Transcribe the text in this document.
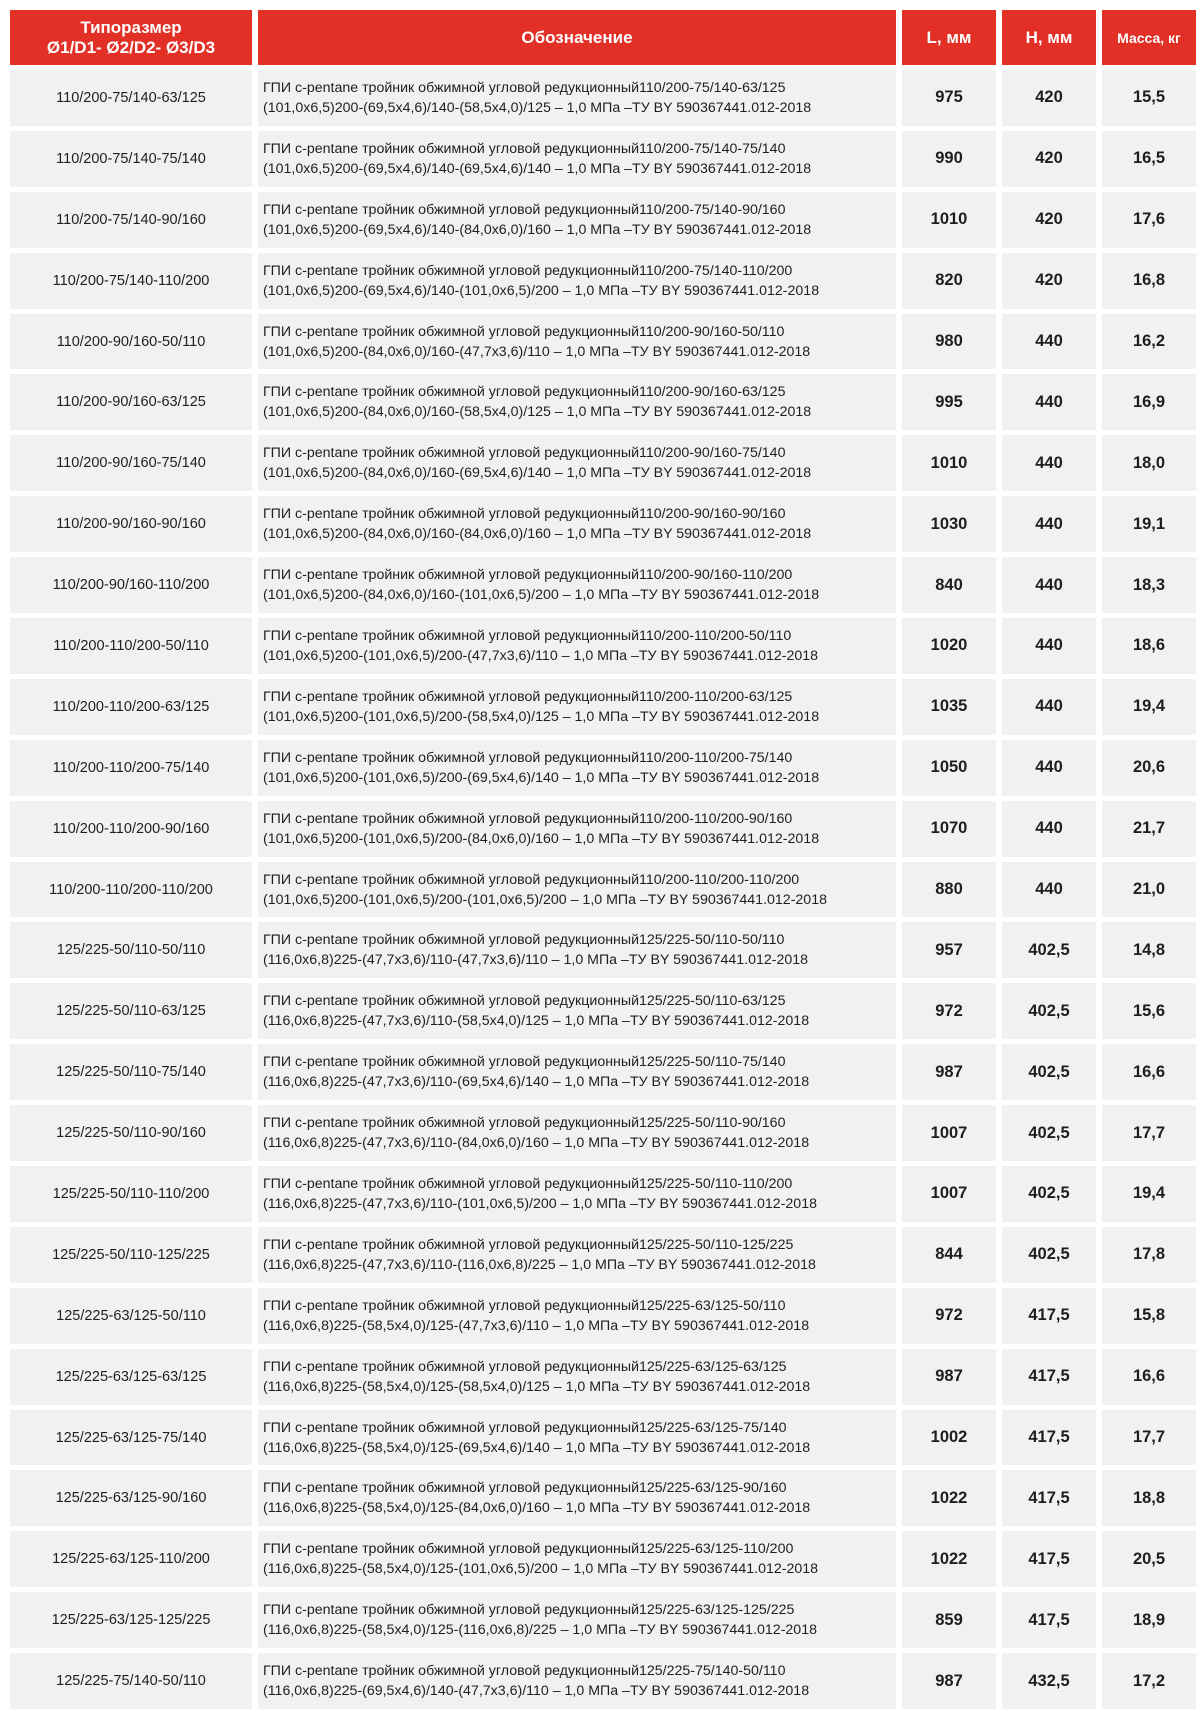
Типоразмер
Ø1/D1- Ø2/D2- Ø3/D3
Обозначение	L, мм	H, мм	Масса, кг
110/200-75/140-63/125
ГПИ c-pentane тройник обжимной угловой редукционный110/200-75/140-63/125
(101,0х6,5)200-(69,5х4,6)/140-(58,5х4,0)/125 – 1,0 МПа –ТУ BY 590367441.012-2018
975	420	15,5
110/200-75/140-75/140
ГПИ c-pentane тройник обжимной угловой редукционный110/200-75/140-75/140
(101,0х6,5)200-(69,5х4,6)/140-(69,5х4,6)/140 – 1,0 МПа –ТУ BY 590367441.012-2018
990	420	16,5
110/200-75/140-90/160
ГПИ c-pentane тройник обжимной угловой редукционный110/200-75/140-90/160
(101,0х6,5)200-(69,5х4,6)/140-(84,0х6,0)/160 – 1,0 МПа –ТУ BY 590367441.012-2018
1010	420	17,6
110/200-75/140-110/200
ГПИ c-pentane тройник обжимной угловой редукционный110/200-75/140-110/200
(101,0х6,5)200-(69,5х4,6)/140-(101,0х6,5)/200 – 1,0 МПа –ТУ BY 590367441.012-2018
820	420	16,8
110/200-90/160-50/110
ГПИ c-pentane тройник обжимной угловой редукционный110/200-90/160-50/110
(101,0х6,5)200-(84,0х6,0)/160-(47,7х3,6)/110 – 1,0 МПа –ТУ BY 590367441.012-2018
980	440	16,2
110/200-90/160-63/125
ГПИ c-pentane тройник обжимной угловой редукционный110/200-90/160-63/125
(101,0х6,5)200-(84,0х6,0)/160-(58,5х4,0)/125 – 1,0 МПа –ТУ BY 590367441.012-2018
995	440	16,9
110/200-90/160-75/140
ГПИ c-pentane тройник обжимной угловой редукционный110/200-90/160-75/140
(101,0х6,5)200-(84,0х6,0)/160-(69,5х4,6)/140 – 1,0 МПа –ТУ BY 590367441.012-2018
1010	440	18,0
110/200-90/160-90/160
ГПИ c-pentane тройник обжимной угловой редукционный110/200-90/160-90/160
(101,0х6,5)200-(84,0х6,0)/160-(84,0х6,0)/160 – 1,0 МПа –ТУ BY 590367441.012-2018
1030	440	19,1
110/200-90/160-110/200
ГПИ c-pentane тройник обжимной угловой редукционный110/200-90/160-110/200
(101,0х6,5)200-(84,0х6,0)/160-(101,0х6,5)/200 – 1,0 МПа –ТУ BY 590367441.012-2018
840	440	18,3
110/200-110/200-50/110
ГПИ c-pentane тройник обжимной угловой редукционный110/200-110/200-50/110
(101,0х6,5)200-(101,0х6,5)/200-(47,7х3,6)/110 – 1,0 МПа –ТУ BY 590367441.012-2018
1020	440	18,6
110/200-110/200-63/125
ГПИ c-pentane тройник обжимной угловой редукционный110/200-110/200-63/125
(101,0х6,5)200-(101,0х6,5)/200-(58,5х4,0)/125 – 1,0 МПа –ТУ BY 590367441.012-2018
1035	440	19,4
110/200-110/200-75/140
ГПИ c-pentane тройник обжимной угловой редукционный110/200-110/200-75/140
(101,0х6,5)200-(101,0х6,5)/200-(69,5х4,6)/140 – 1,0 МПа –ТУ BY 590367441.012-2018
1050	440	20,6
110/200-110/200-90/160
ГПИ c-pentane тройник обжимной угловой редукционный110/200-110/200-90/160
(101,0х6,5)200-(101,0х6,5)/200-(84,0х6,0)/160 – 1,0 МПа –ТУ BY 590367441.012-2018
1070	440	21,7
110/200-110/200-110/200
ГПИ c-pentane тройник обжимной угловой редукционный110/200-110/200-110/200
(101,0х6,5)200-(101,0х6,5)/200-(101,0х6,5)/200 – 1,0 МПа –ТУ BY 590367441.012-2018
880	440	21,0
125/225-50/110-50/110
ГПИ c-pentane тройник обжимной угловой редукционный125/225-50/110-50/110
(116,0х6,8)225-(47,7х3,6)/110-(47,7х3,6)/110 – 1,0 МПа –ТУ BY 590367441.012-2018
957	402,5	14,8
125/225-50/110-63/125
ГПИ c-pentane тройник обжимной угловой редукционный125/225-50/110-63/125
(116,0х6,8)225-(47,7х3,6)/110-(58,5х4,0)/125 – 1,0 МПа –ТУ BY 590367441.012-2018
972	402,5	15,6
125/225-50/110-75/140
ГПИ c-pentane тройник обжимной угловой редукционный125/225-50/110-75/140
(116,0х6,8)225-(47,7х3,6)/110-(69,5х4,6)/140 – 1,0 МПа –ТУ BY 590367441.012-2018
987	402,5	16,6
125/225-50/110-90/160
ГПИ c-pentane тройник обжимной угловой редукционный125/225-50/110-90/160
(116,0х6,8)225-(47,7х3,6)/110-(84,0х6,0)/160 – 1,0 МПа –ТУ BY 590367441.012-2018
1007	402,5	17,7
125/225-50/110-110/200
ГПИ c-pentane тройник обжимной угловой редукционный125/225-50/110-110/200
(116,0х6,8)225-(47,7х3,6)/110-(101,0х6,5)/200 – 1,0 МПа –ТУ BY 590367441.012-2018
1007	402,5	19,4
125/225-50/110-125/225
ГПИ c-pentane тройник обжимной угловой редукционный125/225-50/110-125/225
(116,0х6,8)225-(47,7х3,6)/110-(116,0х6,8)/225 – 1,0 МПа –ТУ BY 590367441.012-2018
844	402,5	17,8
125/225-63/125-50/110
ГПИ c-pentane тройник обжимной угловой редукционный125/225-63/125-50/110
(116,0х6,8)225-(58,5х4,0)/125-(47,7х3,6)/110 – 1,0 МПа –ТУ BY 590367441.012-2018
972	417,5	15,8
125/225-63/125-63/125
ГПИ c-pentane тройник обжимной угловой редукционный125/225-63/125-63/125
(116,0х6,8)225-(58,5х4,0)/125-(58,5х4,0)/125 – 1,0 МПа –ТУ BY 590367441.012-2018
987	417,5	16,6
125/225-63/125-75/140
ГПИ c-pentane тройник обжимной угловой редукционный125/225-63/125-75/140
(116,0х6,8)225-(58,5х4,0)/125-(69,5х4,6)/140 – 1,0 МПа –ТУ BY 590367441.012-2018
1002	417,5	17,7
125/225-63/125-90/160
ГПИ c-pentane тройник обжимной угловой редукционный125/225-63/125-90/160
(116,0х6,8)225-(58,5х4,0)/125-(84,0х6,0)/160 – 1,0 МПа –ТУ BY 590367441.012-2018
1022	417,5	18,8
125/225-63/125-110/200
ГПИ c-pentane тройник обжимной угловой редукционный125/225-63/125-110/200
(116,0х6,8)225-(58,5х4,0)/125-(101,0х6,5)/200 – 1,0 МПа –ТУ BY 590367441.012-2018
1022	417,5	20,5
125/225-63/125-125/225
ГПИ c-pentane тройник обжимной угловой редукционный125/225-63/125-125/225
(116,0х6,8)225-(58,5х4,0)/125-(116,0х6,8)/225 – 1,0 МПа –ТУ BY 590367441.012-2018
859	417,5	18,9
125/225-75/140-50/110
ГПИ c-pentane тройник обжимной угловой редукционный125/225-75/140-50/110
(116,0х6,8)225-(69,5х4,6)/140-(47,7х3,6)/110 – 1,0 МПа –ТУ BY 590367441.012-2018
987	432,5	17,2
